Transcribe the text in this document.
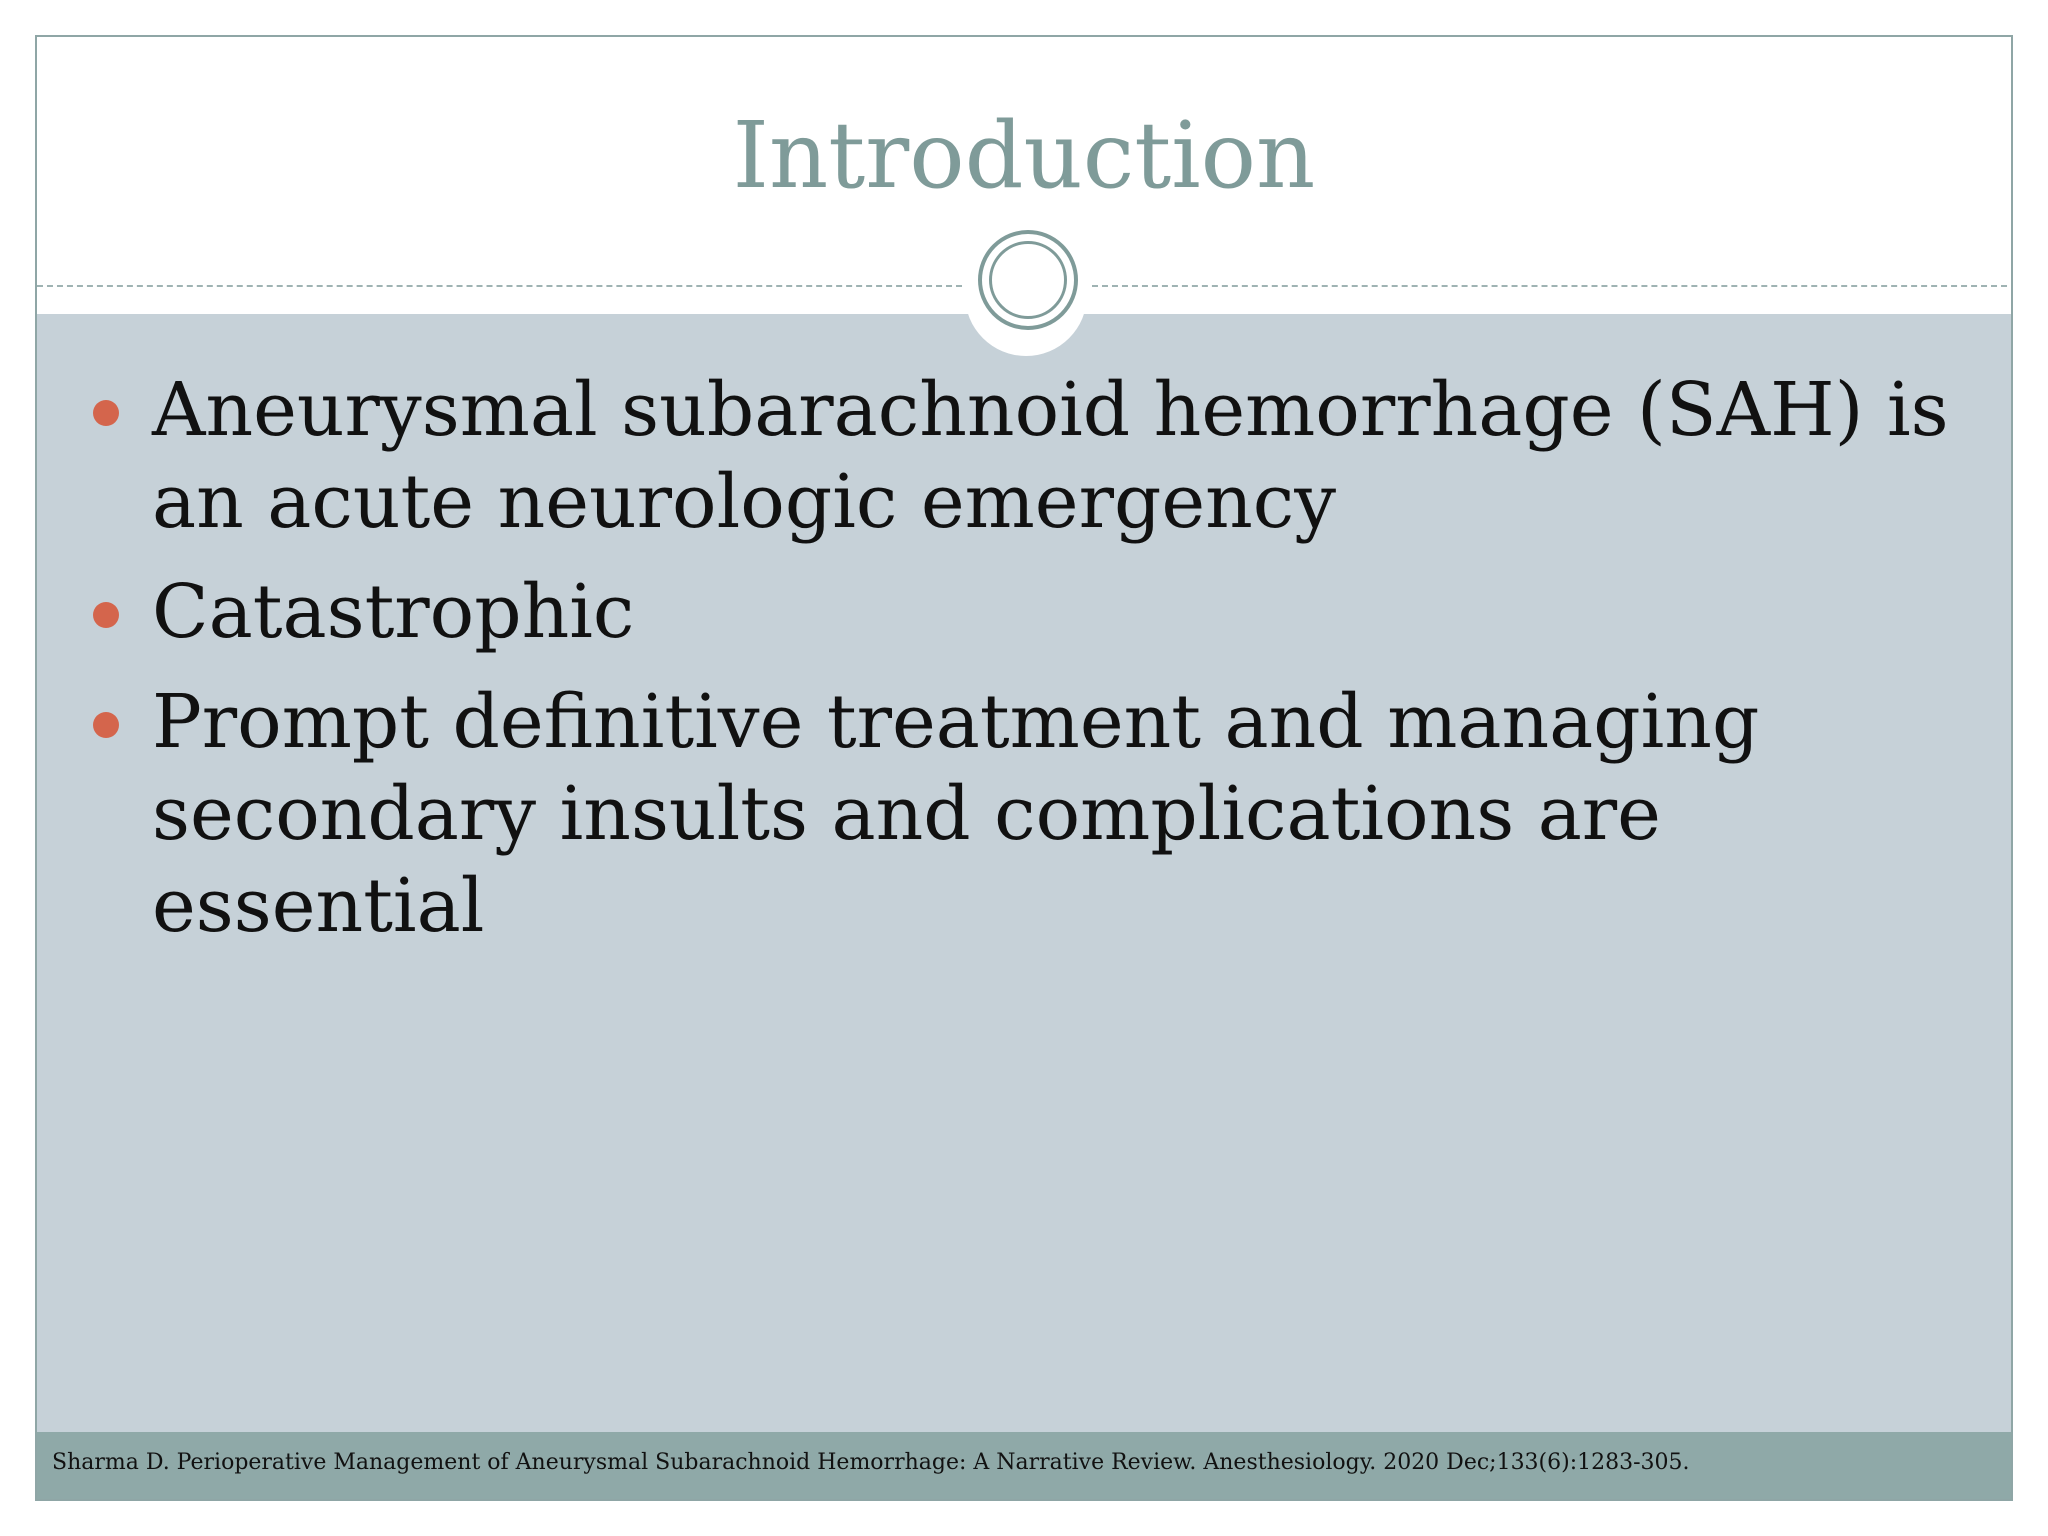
Introduction
Aneurysmal subarachnoid hemorrhage (SAH) is an acute neurologic emergency
Catastrophic
Prompt definitive treatment and managing secondary insults and complications are essential
Sharma D. Perioperative Management of Aneurysmal Subarachnoid Hemorrhage: A Narrative Review. Anesthesiology. 2020 Dec;133(6):1283-305.
